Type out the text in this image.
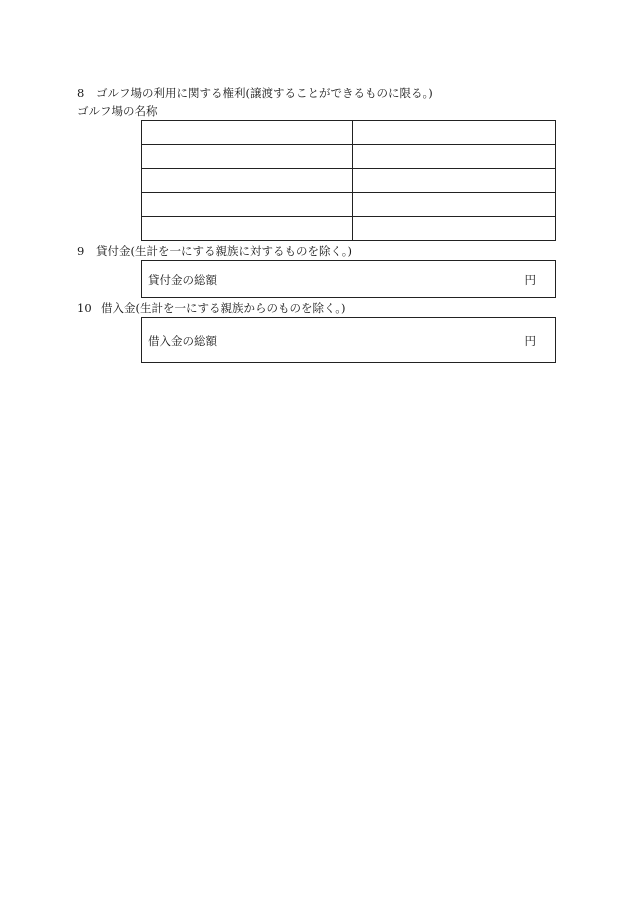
8 ゴルフ場の利用に関する権利(譲渡することができるものに限る。)
ゴルフ場の名称

9 貸付金(生計を一にする親族に対するものを除く。)
貸付金の総額	円
10 借入金(生計を一にする親族からのものを除く。)
借入金の総額	円
